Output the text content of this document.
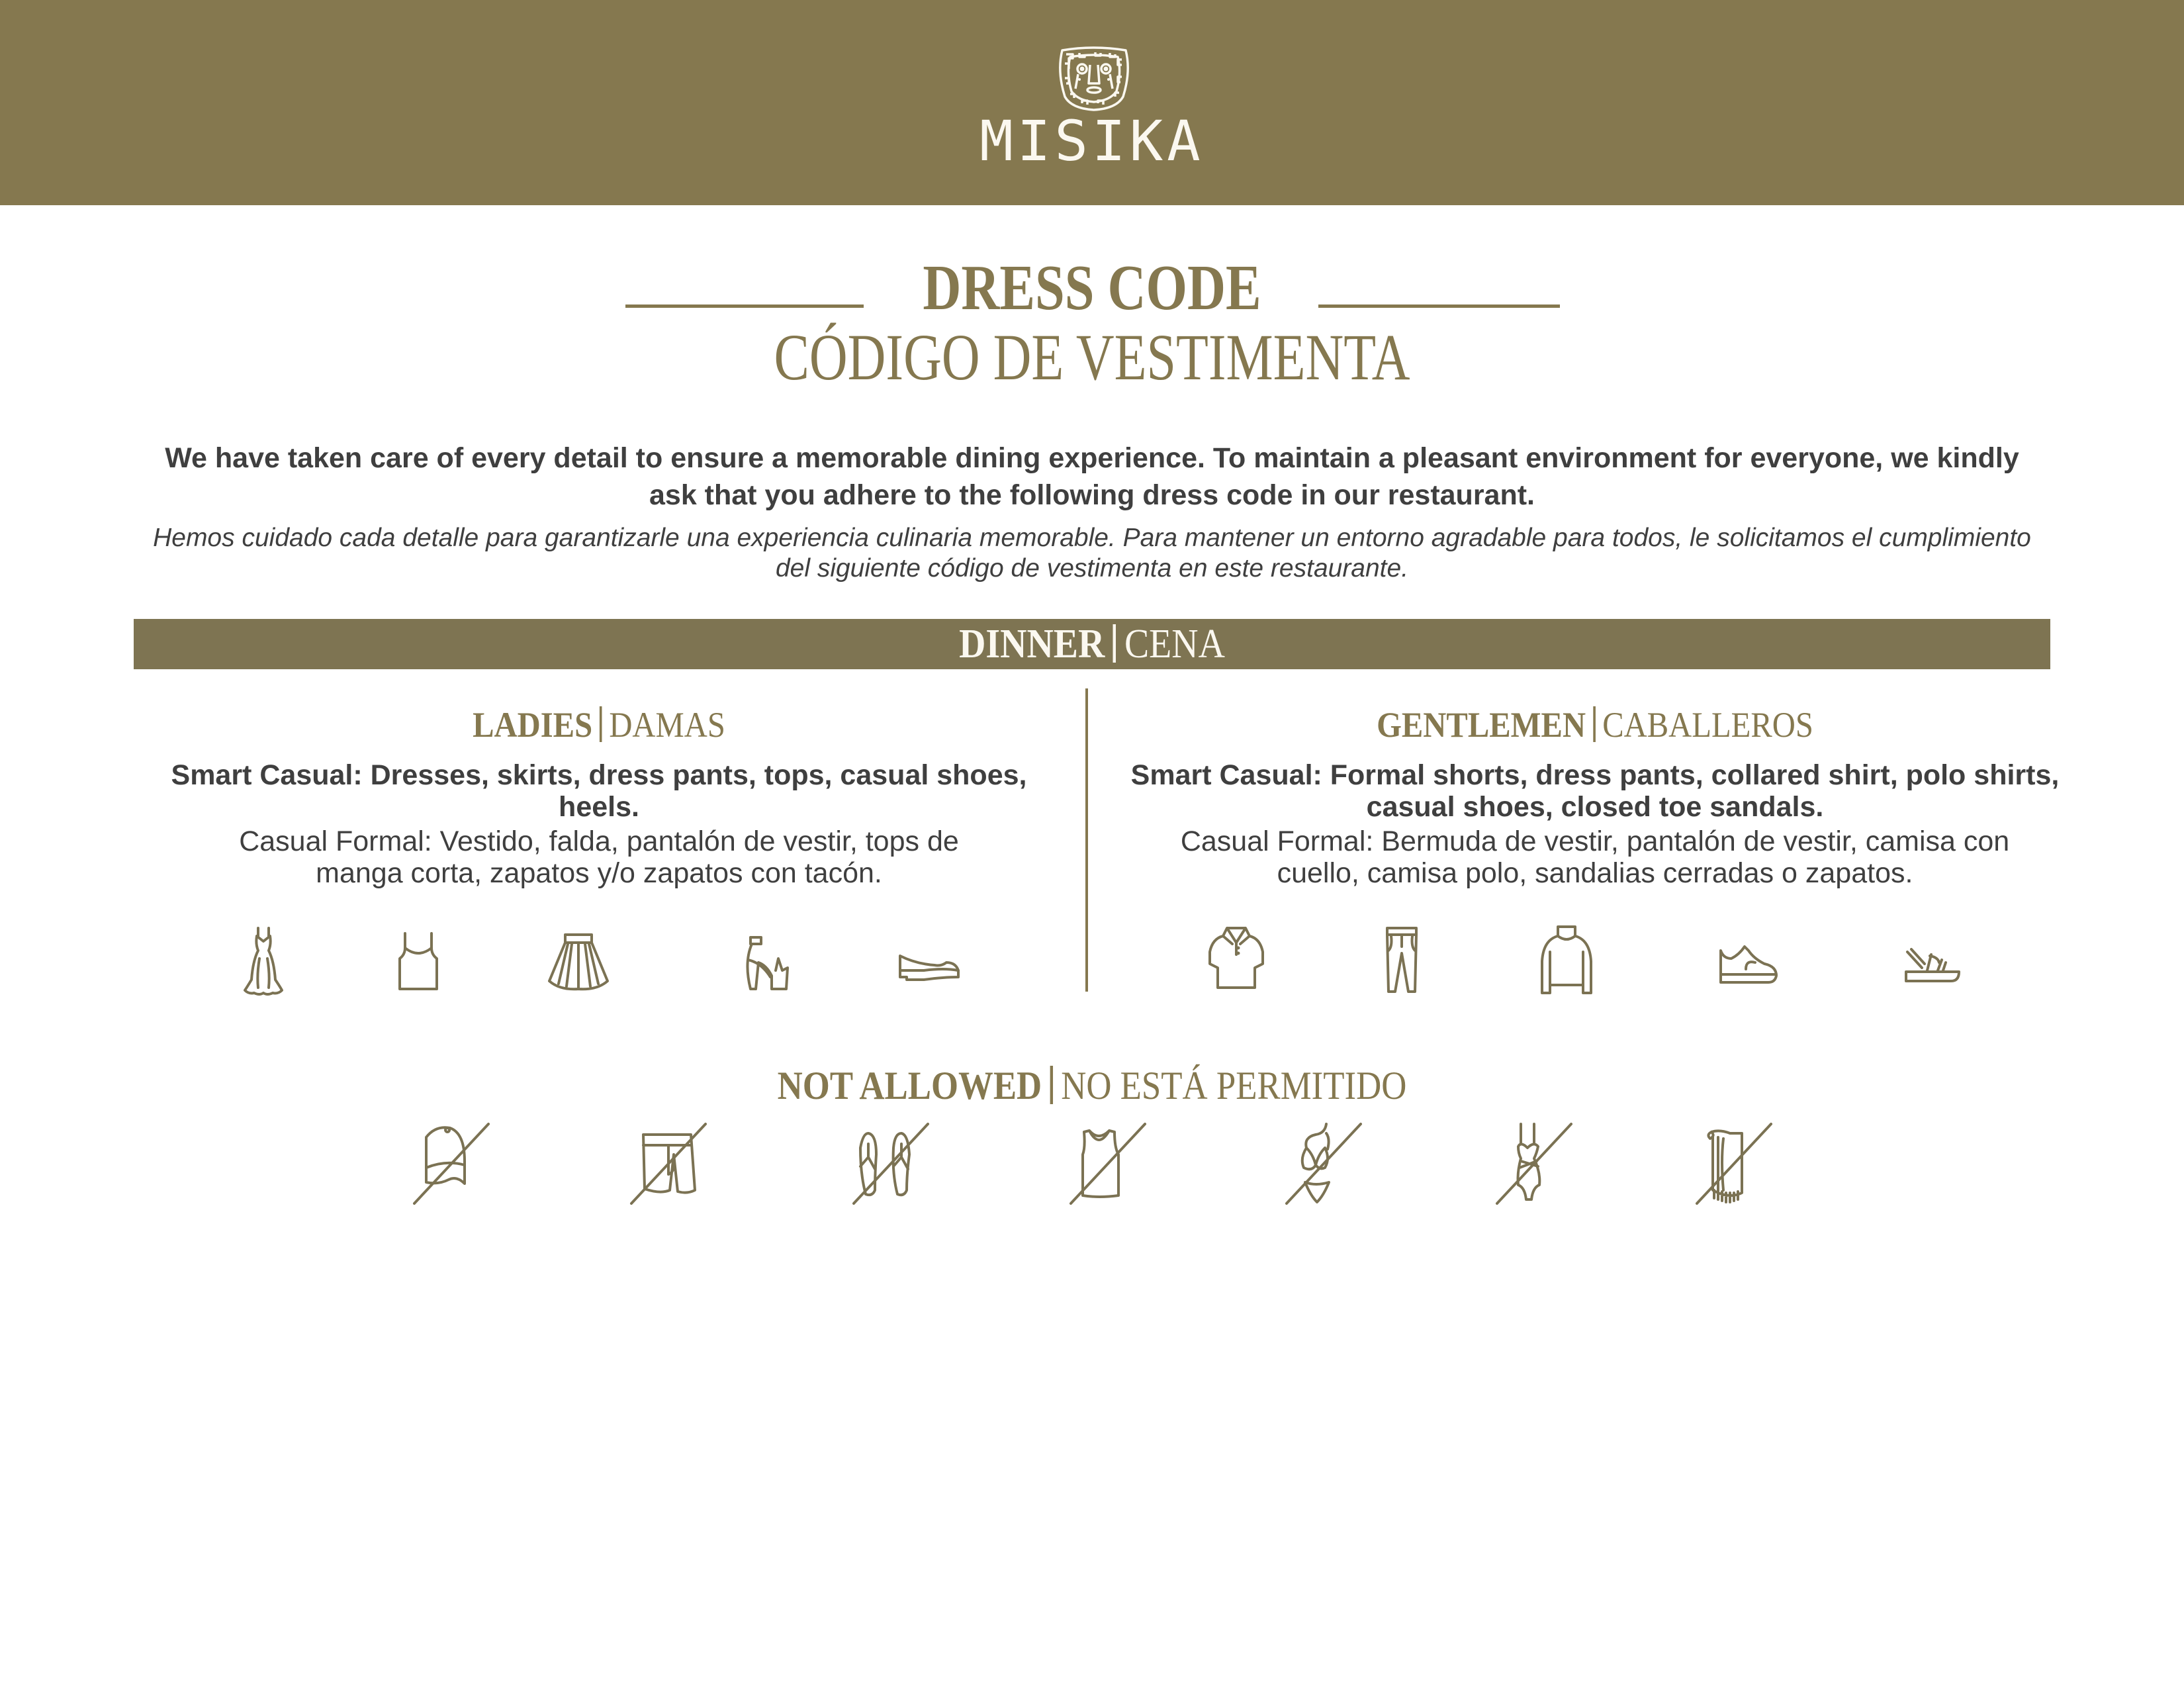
MISIKA
DRESS CODE
CÓDIGO DE VESTIMENTA
We have taken care of every detail to ensure a memorable dining experience. To maintain a pleasant environment for everyone, we kindly ask that you adhere to the following dress code in our restaurant.
Hemos cuidado cada detalle para garantizarle una experiencia culinaria memorable. Para mantener un entorno agradable para todos, le solicitamos el cumplimiento del siguiente código de vestimenta en este restaurante.
DINNER CENA
LADIES DAMAS
Smart Casual: Dresses, skirts, dress pants, tops, casual shoes, heels.
Casual Formal: Vestido, falda, pantalón de vestir, tops de manga corta, zapatos y/o zapatos con tacón.
GENTLEMEN CABALLEROS
Smart Casual: Formal shorts, dress pants, collared shirt, polo shirts, casual shoes, closed toe sandals.
Casual Formal: Bermuda de vestir, pantalón de vestir, camisa con cuello, camisa polo, sandalias cerradas o zapatos.
NOT ALLOWED NO ESTÁ PERMITIDO
